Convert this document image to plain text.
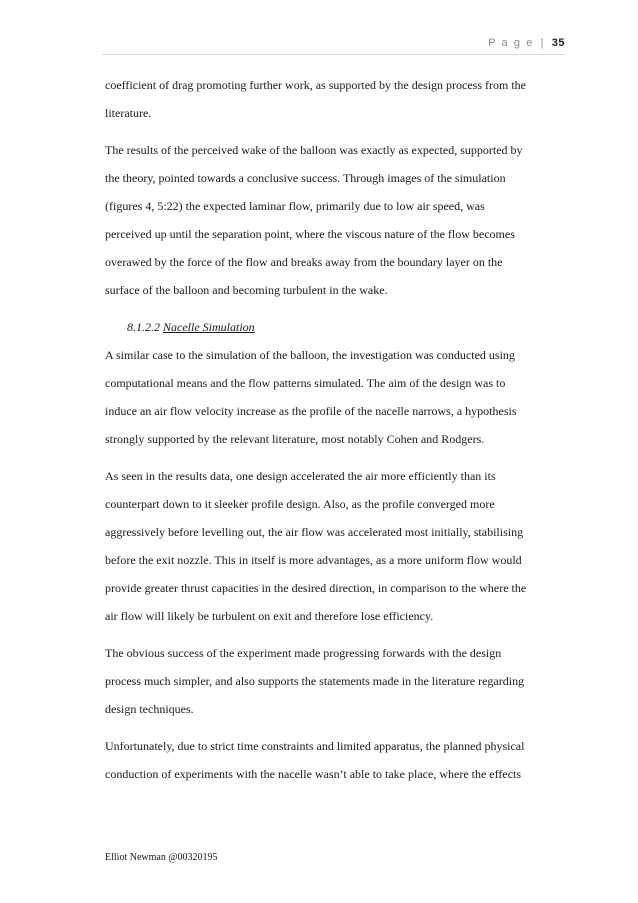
P a g e | 35
coefficient of drag promoting further work, as supported by the design process from the
literature.
The results of the perceived wake of the balloon was exactly as expected, supported by
the theory, pointed towards a conclusive success. Through images of the simulation
(figures 4, 5:22) the expected laminar flow, primarily due to low air speed, was
perceived up until the separation point, where the viscous nature of the flow becomes
overawed by the force of the flow and breaks away from the boundary layer on the
surface of the balloon and becoming turbulent in the wake.
8.1.2.2 Nacelle Simulation
A similar case to the simulation of the balloon, the investigation was conducted using
computational means and the flow patterns simulated. The aim of the design was to
induce an air flow velocity increase as the profile of the nacelle narrows, a hypothesis
strongly supported by the relevant literature, most notably Cohen and Rodgers.
As seen in the results data, one design accelerated the air more efficiently than its
counterpart down to it sleeker profile design. Also, as the profile converged more
aggressively before levelling out, the air flow was accelerated most initially, stabilising
before the exit nozzle. This in itself is more advantages, as a more uniform flow would
provide greater thrust capacities in the desired direction, in comparison to the where the
air flow will likely be turbulent on exit and therefore lose efficiency.
The obvious success of the experiment made progressing forwards with the design
process much simpler, and also supports the statements made in the literature regarding
design techniques.
Unfortunately, due to strict time constraints and limited apparatus, the planned physical
conduction of experiments with the nacelle wasn’t able to take place, where the effects
Elliot Newman @00320195
